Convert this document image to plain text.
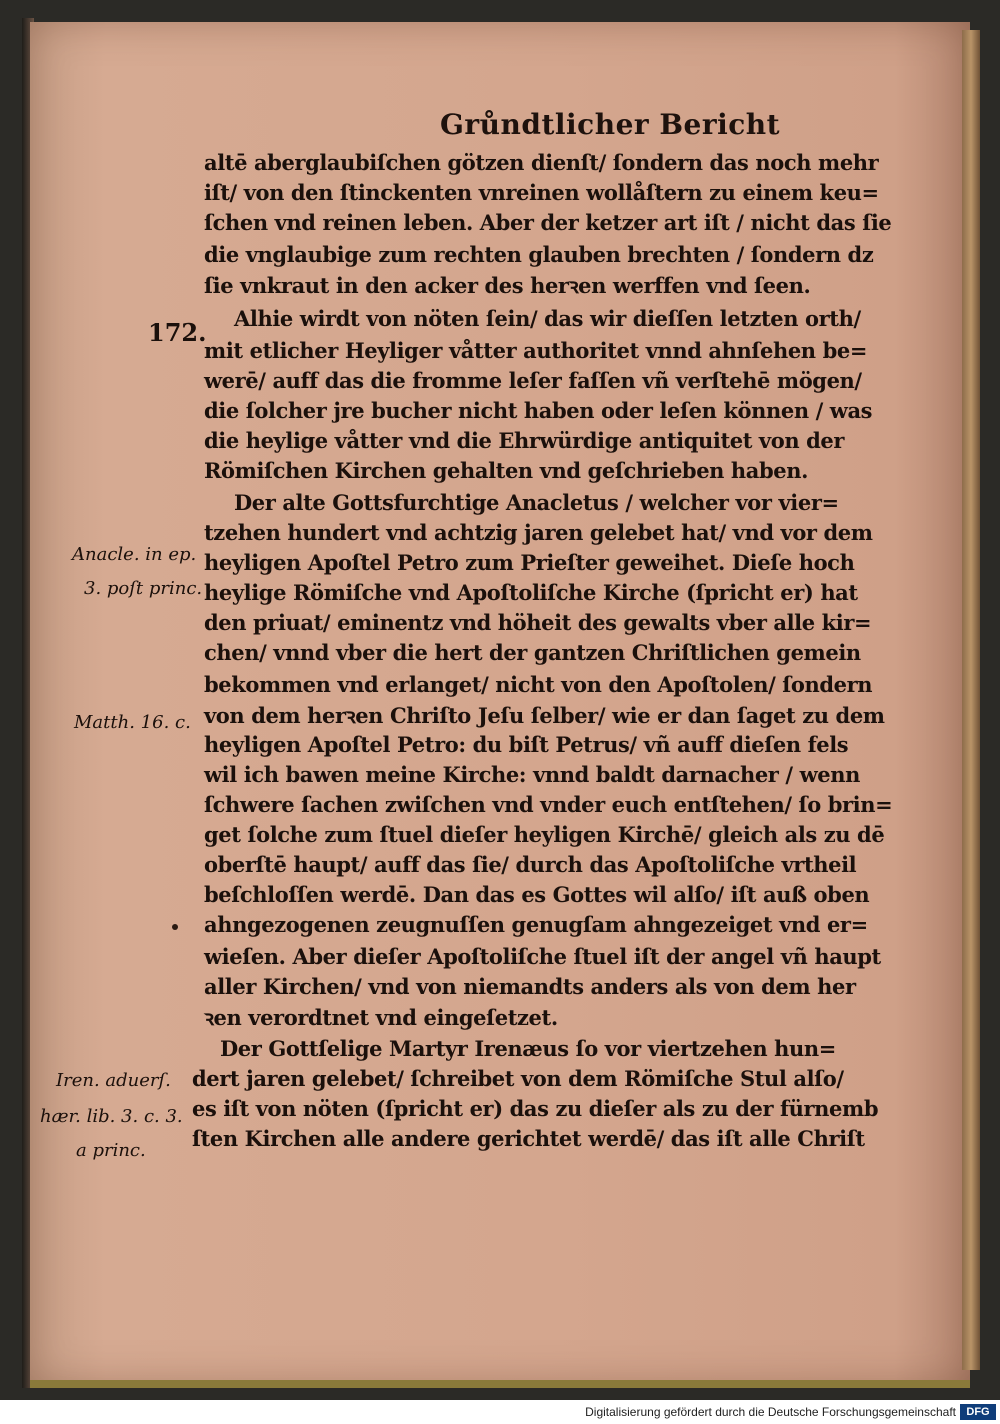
Grůndtlicher Bericht
172.
altē aberglaubiſchen götzen dienſt/ ſondern das noch mehr
iſt/ von den ſtinckenten vnreinen wollåſtern zu einem keu=
ſchen vnd reinen leben. Aber der ketzer art iſt / nicht das ſie
die vnglaubige zum rechten glauben brechten / ſondern dz
ſie vnkraut in den acker des herꝛen werffen vnd ſeen.
Alhie wirdt von nöten ſein/ das wir dieſſen letzten orth/
mit etlicher Heyliger våtter authoritet vnnd ahnſehen be=
werē/ auff das die fromme leſer faſſen vñ verſtehē mögen/
die ſolcher jre bucher nicht haben oder leſen können / was
die heylige våtter vnd die Ehrwürdige antiquitet von der
Römiſchen Kirchen gehalten vnd geſchrieben haben.
Der alte Gottsfurchtige Anacletus / welcher vor vier=
tzehen hundert vnd achtzig jaren gelebet hat/ vnd vor dem
heyligen Apoſtel Petro zum Prieſter geweihet. Dieſe hoch
heylige Römiſche vnd Apoſtoliſche Kirche (ſpricht er) hat
den priuat/ eminentz vnd höheit des gewalts vber alle kir=
chen/ vnnd vber die hert der gantzen Chriſtlichen gemein
bekommen vnd erlanget/ nicht von den Apoſtolen/ ſondern
von dem herꝛen Chriſto Jeſu ſelber/ wie er dan ſaget zu dem
heyligen Apoſtel Petro: du biſt Petrus/ vñ auff dieſen fels
wil ich bawen meine Kirche: vnnd baldt darnacher / wenn
ſchwere ſachen zwiſchen vnd vnder euch entſtehen/ ſo brin=
get ſolche zum ſtuel dieſer heyligen Kirchē/ gleich als zu dē
oberſtē haupt/ auff das ſie/ durch das Apoſtoliſche vrtheil
beſchloſſen werdē. Dan das es Gottes wil alſo/ iſt auß oben
ahngezogenen zeugnuſſen genugſam ahngezeiget vnd er=
wieſen. Aber dieſer Apoſtoliſche ſtuel iſt der angel vñ haupt
aller Kirchen/ vnd von niemandts anders als von dem her
ꝛen verordtnet vnd eingeſetzet.
Der Gottſelige Martyr Irenæus ſo vor viertzehen hun=
dert jaren gelebet/ ſchreibet von dem Römiſche Stul alſo/
es iſt von nöten (ſpricht er) das zu dieſer als zu der fürnemb
ſten Kirchen alle andere gerichtet werdē/ das iſt alle Chriſt
Anacle. in ep.
3. poſt princ.
Matth. 16. c.
Iren. aduerſ.
hær. lib. 3. c. 3.
a princ.
Digitalisierung gefördert durch die Deutsche Forschungsgemeinschaft DFG
